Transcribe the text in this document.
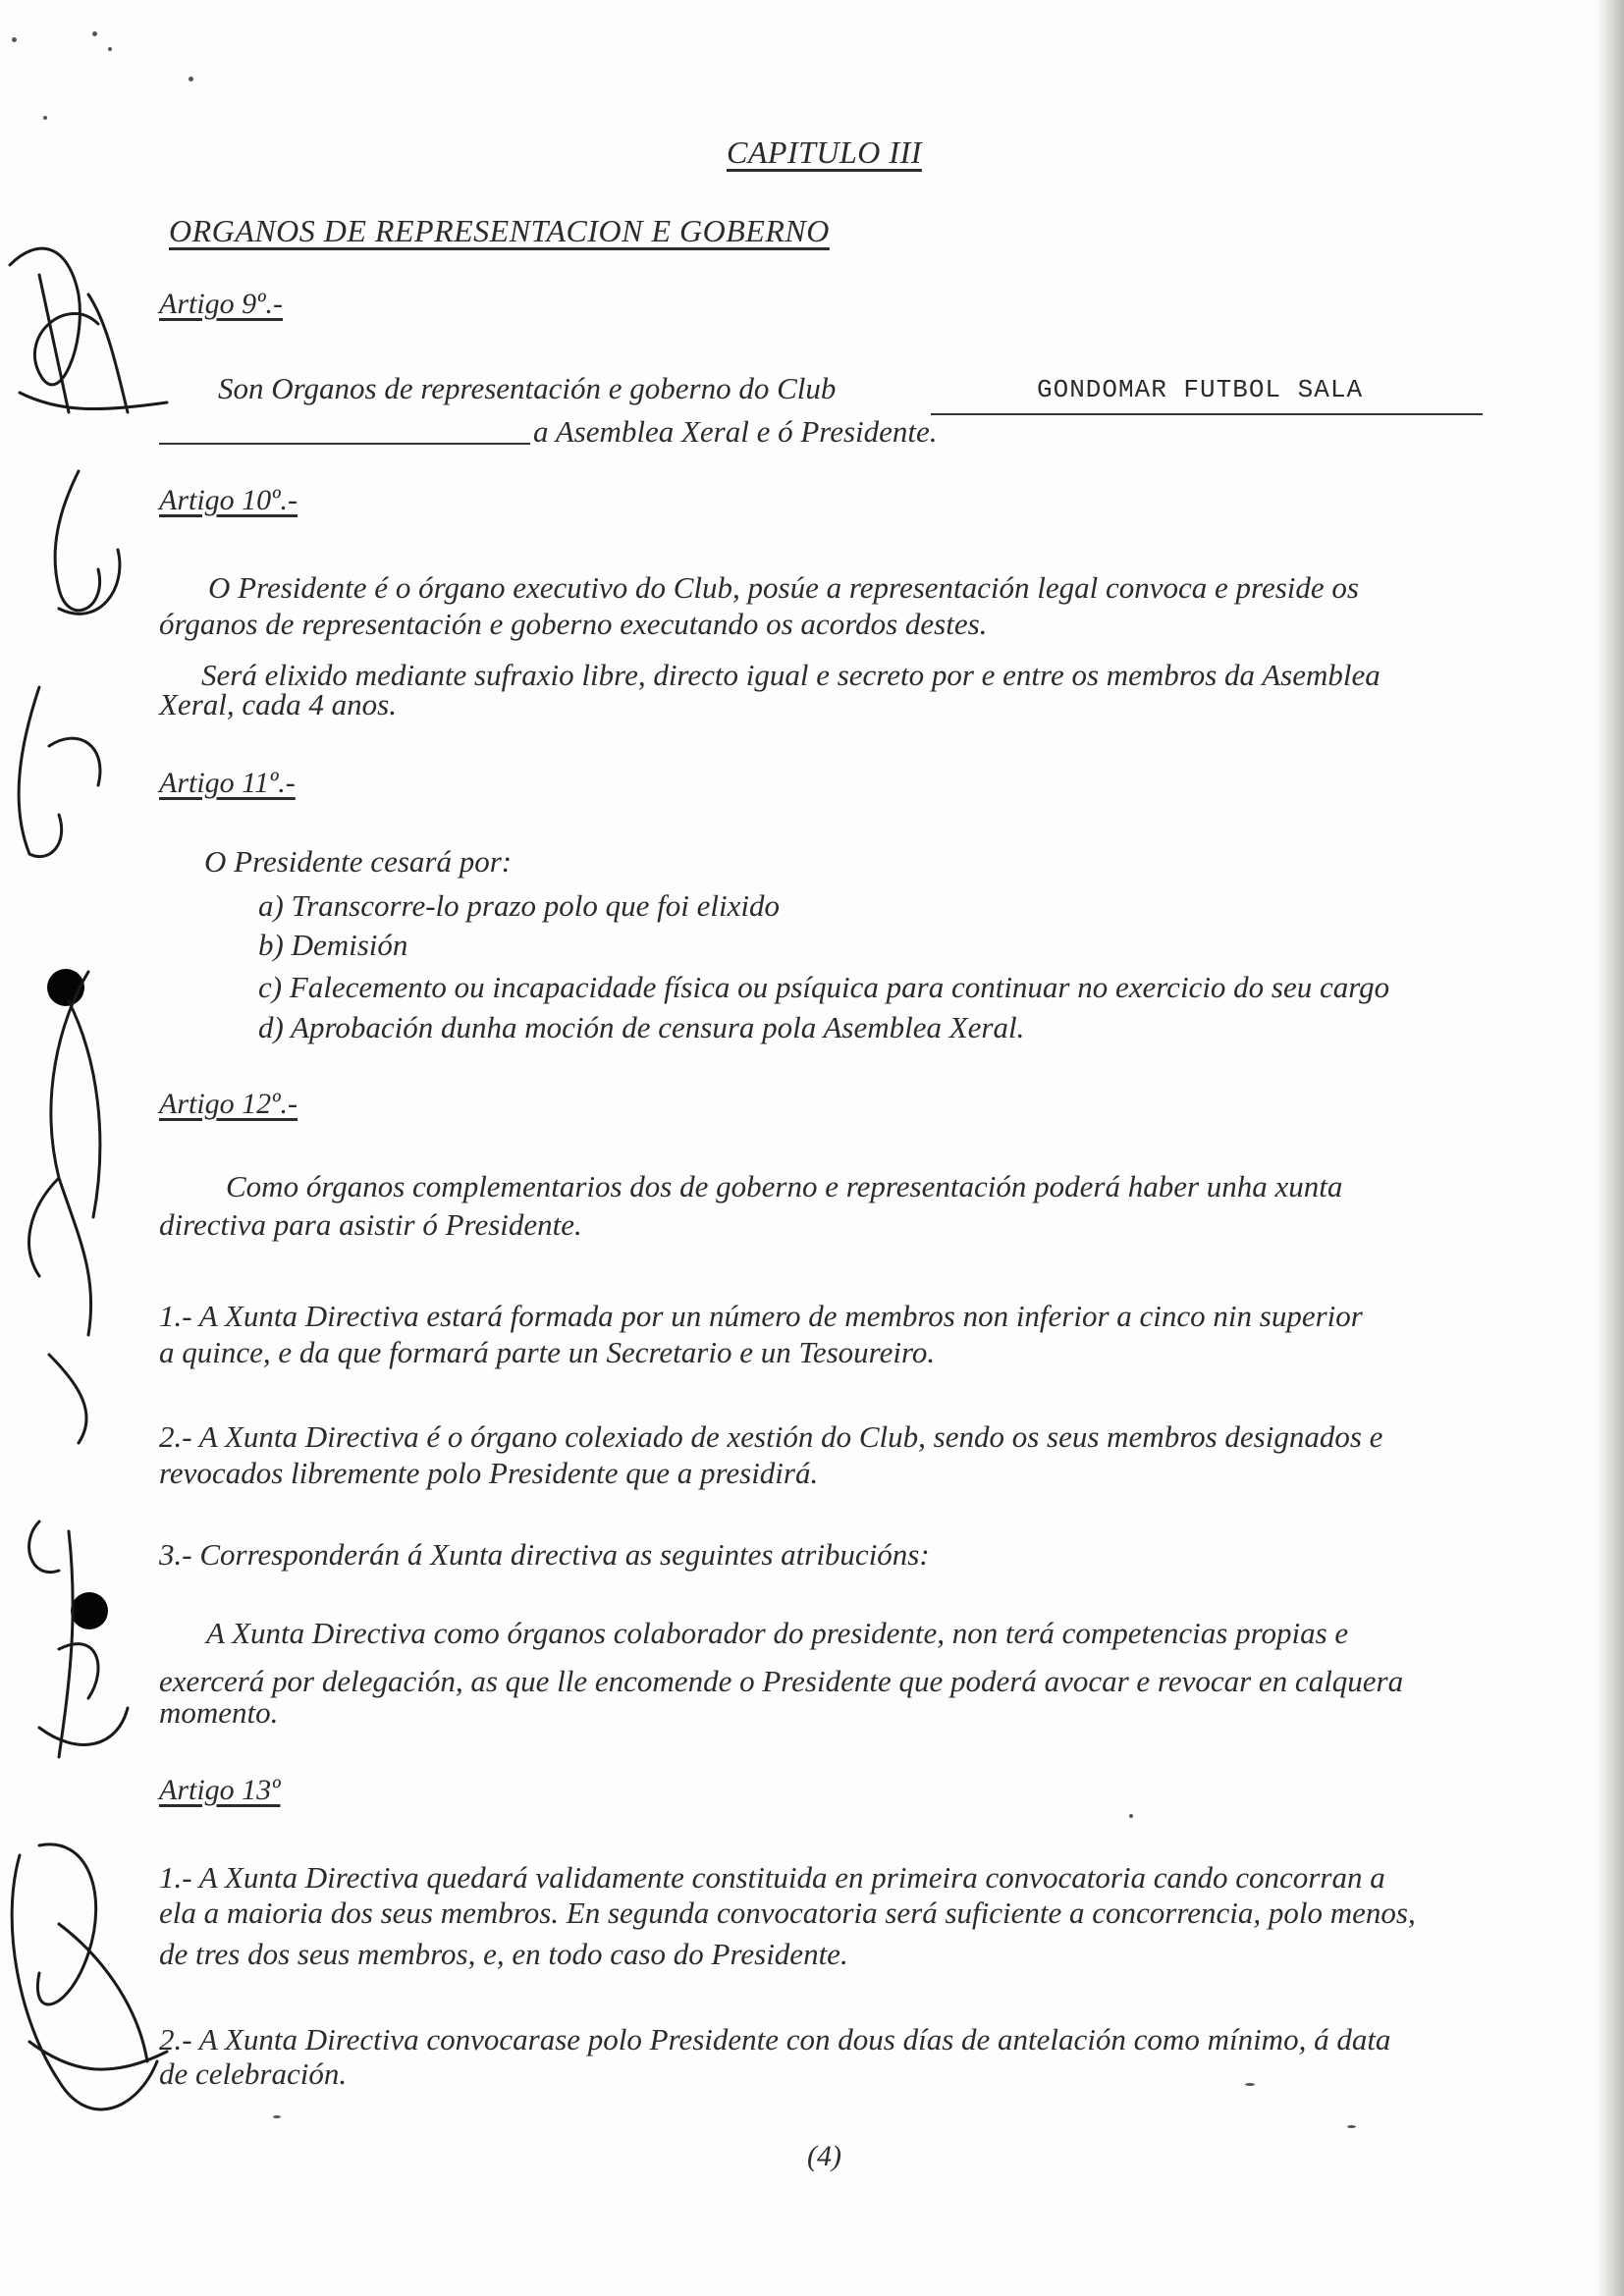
CAPITULO III
ORGANOS DE REPRESENTACION E GOBERNO
Artigo 9º.-
Son Organos de representación e goberno do Club	GONDOMAR FUTBOL SALA
a Asemblea Xeral e ó Presidente.
Artigo 10º.-
O Presidente é o órgano executivo do Club, posúe a representación legal convoca e preside os
órganos de representación e goberno executando os acordos destes.
Será elixido mediante sufraxio libre, directo igual e secreto por e entre os membros da Asemblea
Xeral, cada 4 anos.
Artigo 11º.-
O Presidente cesará por:
a) Transcorre-lo prazo polo que foi elixido
b) Demisión
c) Falecemento ou incapacidade física ou psíquica para continuar no exercicio do seu cargo
d) Aprobación dunha moción de censura pola Asemblea Xeral.
Artigo 12º.-
Como órganos complementarios dos de goberno e representación poderá haber unha xunta
directiva para asistir ó Presidente.
1.- A Xunta Directiva estará formada por un número de membros non inferior a cinco nin superior
a quince, e da que formará parte un Secretario e un Tesoureiro.
2.- A Xunta Directiva é o órgano colexiado de xestión do Club, sendo os seus membros designados e
revocados libremente polo Presidente que a presidirá.
3.- Corresponderán á Xunta directiva as seguintes atribucións:
A Xunta Directiva como órganos colaborador do presidente, non terá competencias propias e
exercerá por delegación, as que lle encomende o Presidente que poderá avocar e revocar en calquera
momento.
Artigo 13º
1.- A Xunta Directiva quedará validamente constituida en primeira convocatoria cando concorran a
ela a maioria dos seus membros. En segunda convocatoria será suficiente a concorrencia, polo menos,
de tres dos seus membros, e, en todo caso do Presidente.
2.- A Xunta Directiva convocarase polo Presidente con dous días de antelación como mínimo, á data
de celebración.
(4)
